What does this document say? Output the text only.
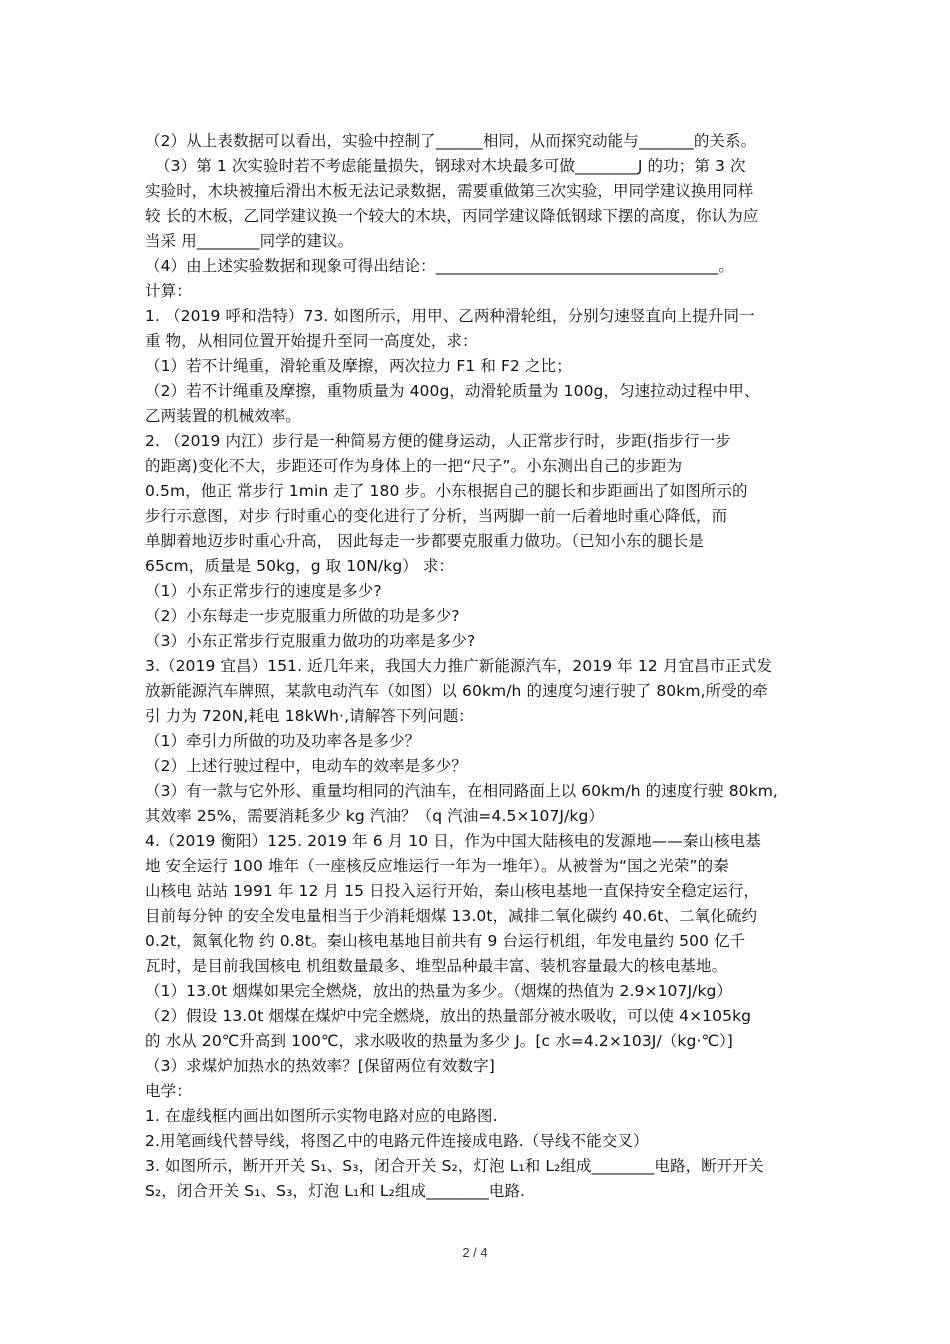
（2）从上表数据可以看出，实验中控制了______相同，从而探究动能与_______的关系。
（3）第 1 次实验时若不考虑能量损失，钢球对木块最多可做________J 的功；第 3 次
实验时，木块被撞后滑出木板无法记录数据，需要重做第三次实验，甲同学建议换用同样
较 长的木板，乙同学建议换一个较大的木块，丙同学建议降低钢球下摆的高度，你认为应
当采 用________同学的建议。
（4）由上述实验数据和现象可得出结论：____________________________________。
计算：
1. （2019 呼和浩特）73. 如图所示，用甲、乙两种滑轮组，分别匀速竖直向上提升同一
重 物，从相同位置开始提升至同一高度处，求：
（1）若不计绳重，滑轮重及摩擦，两次拉力 F1 和 F2 之比；
（2）若不计绳重及摩擦，重物质量为 400g，动滑轮质量为 100g，匀速拉动过程中甲、
乙两装置的机械效率。
2. （2019 内江）步行是一种简易方便的健身运动，人正常步行时，步距(指步行一步
的距离)变化不大，步距还可作为身体上的一把“尺子”。小东测出自己的步距为
0.5m，他正 常步行 1min 走了 180 步。小东根据自己的腿长和步距画出了如图所示的
步行示意图，对步 行时重心的变化进行了分析，当两脚一前一后着地时重心降低，而
单脚着地迈步时重心升高， 因此每走一步都要克服重力做功。（已知小东的腿长是
65cm，质量是 50kg，g 取 10N/kg） 求：
（1）小东正常步行的速度是多少?
（2）小东每走一步克服重力所做的功是多少?
（3）小东正常步行克服重力做功的功率是多少?
3.（2019 宜昌）151. 近几年来，我国大力推广新能源汽车，2019 年 12 月宜昌市正式发
放新能源汽车牌照，某款电动汽车（如图）以 60km/h 的速度匀速行驶了 80km,所受的牵
引 力为 720N,耗电 18kWh·,请解答下列问题：
（1）牵引力所做的功及功率各是多少？
（2）上述行驶过程中，电动车的效率是多少？
（3）有一款与它外形、重量均相同的汽油车，在相同路面上以 60km/h 的速度行驶 80km,
其效率 25%，需要消耗多少 kg 汽油？（q 汽油=4.5×107J/kg）
4.（2019 衡阳）125. 2019 年 6 月 10 日，作为中国大陆核电的发源地——秦山核电基
地 安全运行 100 堆年（一座核反应堆运行一年为一堆年）。从被誉为“国之光荣”的秦
山核电 站站 1991 年 12 月 15 日投入运行开始，秦山核电基地一直保持安全稳定运行，
目前每分钟 的安全发电量相当于少消耗烟煤 13.0t，减排二氧化碳约 40.6t、二氧化硫约
0.2t，氮氧化物 约 0.8t。秦山核电基地目前共有 9 台运行机组，年发电量约 500 亿千
瓦时，是目前我国核电 机组数量最多、堆型品种最丰富、装机容量最大的核电基地。
（1）13.0t 烟煤如果完全燃烧，放出的热量为多少。（烟煤的热值为 2.9×107J/kg）
（2）假设 13.0t 烟煤在煤炉中完全燃烧，放出的热量部分被水吸收，可以使 4×105kg
的 水从 20℃升高到 100℃，求水吸收的热量为多少 J。[c 水=4.2×103J/（kg·℃）]
（3）求煤炉加热水的热效率？[保留两位有效数字]
电学：
1. 在虚线框内画出如图所示实物电路对应的电路图.
2.用笔画线代替导线，将图乙中的电路元件连接成电路.（导线不能交叉）
3. 如图所示，断开开关 S₁、S₃，闭合开关 S₂，灯泡 L₁和 L₂组成________电路，断开开关
S₂，闭合开关 S₁、S₃，灯泡 L₁和 L₂组成________电路.
2 / 4
